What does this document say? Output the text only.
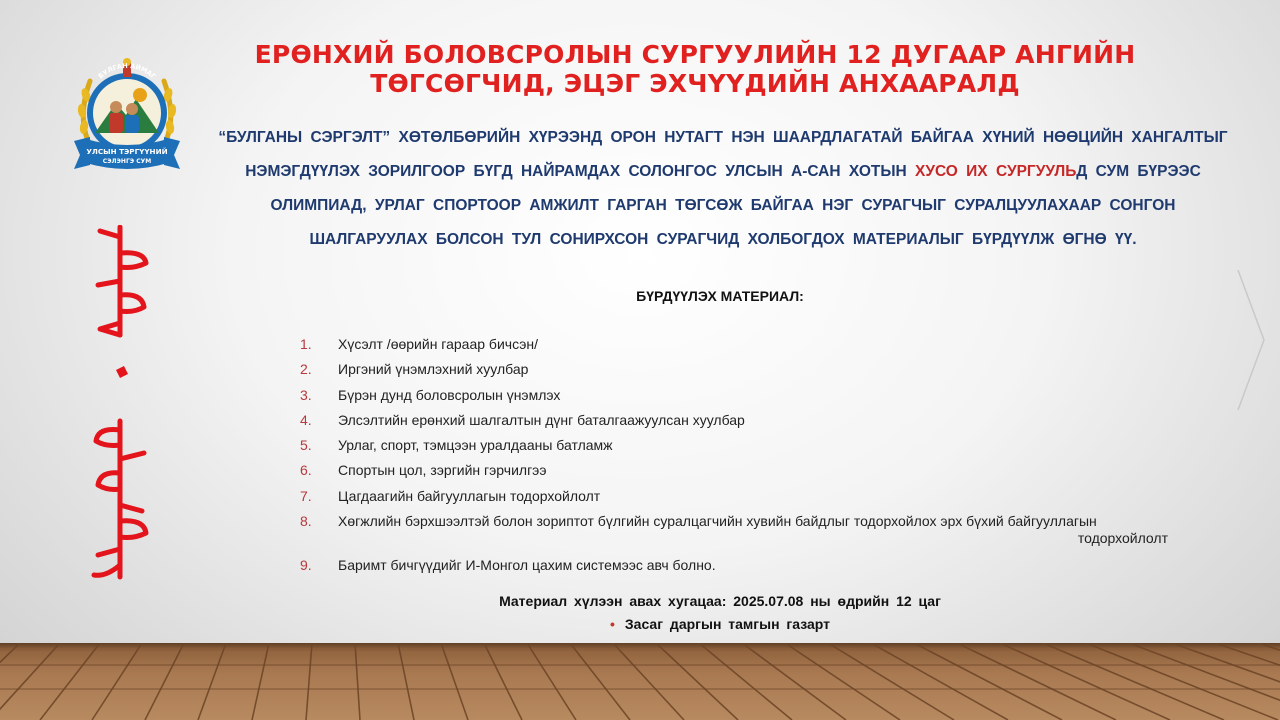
БУЛГАН АЙМАГ
УЛСЫН ТЭРГҮҮНИЙ
СЭЛЭНГЭ СУМ
ЕРӨНХИЙ БОЛОВСРОЛЫН СУРГУУЛИЙН 12 ДУГААР АНГИЙН
ТӨГСӨГЧИД, ЭЦЭГ ЭХЧҮҮДИЙН АНХААРАЛД
“БУЛГАНЫ СЭРГЭЛТ” ХӨТӨЛБӨРИЙН ХҮРЭЭНД ОРОН НУТАГТ НЭН ШААРДЛАГАТАЙ БАЙГАА ХҮНИЙ НӨӨЦИЙН ХАНГАЛТЫГ НЭМЭГДҮҮЛЭХ ЗОРИЛГООР БҮГД НАЙРАМДАХ СОЛОНГОС УЛСЫН А-САН ХОТЫН ХУСО ИХ СУРГУУЛЬД СУМ БҮРЭЭС ОЛИМПИАД, УРЛАГ СПОРТООР АМЖИЛТ ГАРГАН ТӨГСӨЖ БАЙГАА НЭГ СУРАГЧЫГ СУРАЛЦУУЛАХААР СОНГОН ШАЛГАРУУЛАХ БОЛСОН ТУЛ СОНИРХСОН СУРАГЧИД ХОЛБОГДОХ МАТЕРИАЛЫГ БҮРДҮҮЛЖ ӨГНӨ ҮҮ.
БҮРДҮҮЛЭХ МАТЕРИАЛ:
1. Хүсэлт /өөрийн гараар бичсэн/
2. Иргэний үнэмлэхний хуулбар
3. Бүрэн дунд боловсролын үнэмлэх
4. Элсэлтийн ерөнхий шалгалтын дүнг баталгаажуулсан хуулбар
5. Урлаг, спорт, тэмцээн уралдааны батламж
6. Спортын цол, зэргийн гэрчилгээ
7. Цагдаагийн байгууллагын тодорхойлолт
8. Хөгжлийн бэрхшээлтэй болон зориптот бүлгийн суралцагчийн хувийн байдлыг тодорхойлох эрх бүхий байгууллагын
тодорхойлолт
9. Баримт бичгүүдийг И-Монгол цахим системээс авч болно.
Материал хүлээн авах хугацаа: 2025.07.08 ны өдрийн 12 цаг
• Засаг даргын тамгын газарт
